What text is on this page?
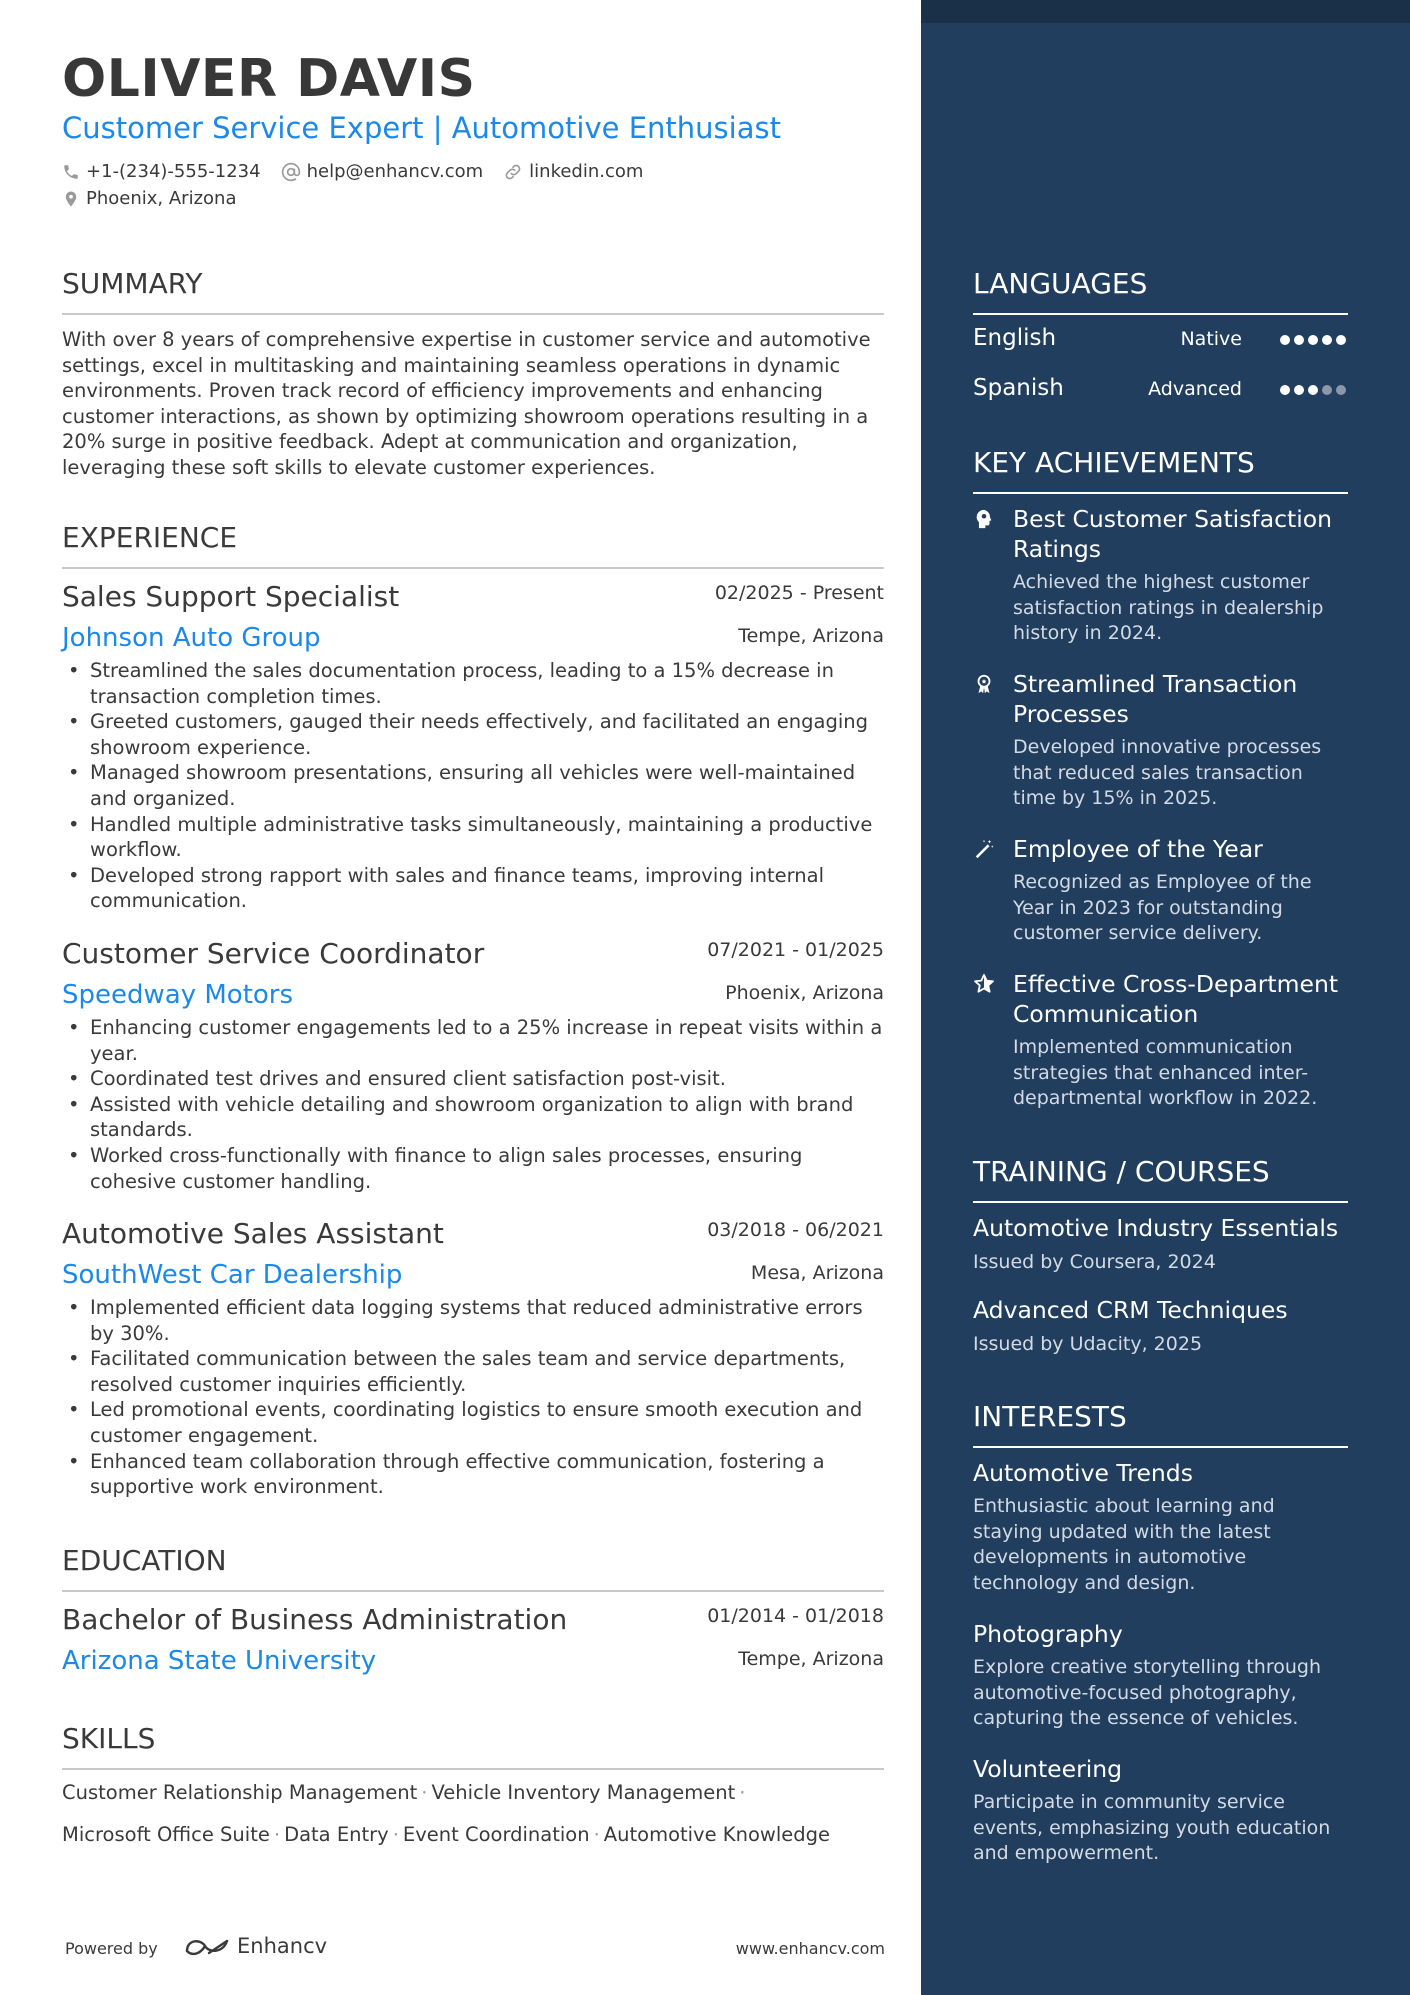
OLIVER DAVIS
Customer Service Expert | Automotive Enthusiast
+1-(234)-555-1234	help@enhancv.com	linkedin.com
Phoenix, Arizona
SUMMARY
With over 8 years of comprehensive expertise in customer service and automotive settings, excel in multitasking and maintaining seamless operations in dynamic environments. Proven track record of efficiency improvements and enhancing customer interactions, as shown by optimizing showroom operations resulting in a 20% surge in positive feedback. Adept at communication and organization, leveraging these soft skills to elevate customer experiences.
EXPERIENCE
Sales Support Specialist	02/2025 - Present
Johnson Auto Group	Tempe, Arizona
• Streamlined the sales documentation process, leading to a 15% decrease in transaction completion times.
• Greeted customers, gauged their needs effectively, and facilitated an engaging showroom experience.
• Managed showroom presentations, ensuring all vehicles were well-maintained and organized.
• Handled multiple administrative tasks simultaneously, maintaining a productive workflow.
• Developed strong rapport with sales and finance teams, improving internal communication.
Customer Service Coordinator	07/2021 - 01/2025
Speedway Motors	Phoenix, Arizona
• Enhancing customer engagements led to a 25% increase in repeat visits within a year.
• Coordinated test drives and ensured client satisfaction post-visit.
• Assisted with vehicle detailing and showroom organization to align with brand standards.
• Worked cross-functionally with finance to align sales processes, ensuring cohesive customer handling.
Automotive Sales Assistant	03/2018 - 06/2021
SouthWest Car Dealership	Mesa, Arizona
• Implemented efficient data logging systems that reduced administrative errors by 30%.
• Facilitated communication between the sales team and service departments, resolved customer inquiries efficiently.
• Led promotional events, coordinating logistics to ensure smooth execution and customer engagement.
• Enhanced team collaboration through effective communication, fostering a supportive work environment.
EDUCATION
Bachelor of Business Administration	01/2014 - 01/2018
Arizona State University	Tempe, Arizona
SKILLS
Customer Relationship Management · Vehicle Inventory Management ·
Microsoft Office Suite · Data Entry · Event Coordination · Automotive Knowledge
Powered by	Enhancv	www.enhancv.com
LANGUAGES
English	Native
Spanish	Advanced
KEY ACHIEVEMENTS
Best Customer Satisfaction Ratings
Achieved the highest customer satisfaction ratings in dealership history in 2024.
Streamlined Transaction Processes
Developed innovative processes that reduced sales transaction time by 15% in 2025.
Employee of the Year
Recognized as Employee of the Year in 2023 for outstanding customer service delivery.
Effective Cross-Department Communication
Implemented communication strategies that enhanced inter-departmental workflow in 2022.
TRAINING / COURSES
Automotive Industry Essentials
Issued by Coursera, 2024
Advanced CRM Techniques
Issued by Udacity, 2025
INTERESTS
Automotive Trends
Enthusiastic about learning and staying updated with the latest developments in automotive technology and design.
Photography
Explore creative storytelling through automotive-focused photography, capturing the essence of vehicles.
Volunteering
Participate in community service events, emphasizing youth education and empowerment.
